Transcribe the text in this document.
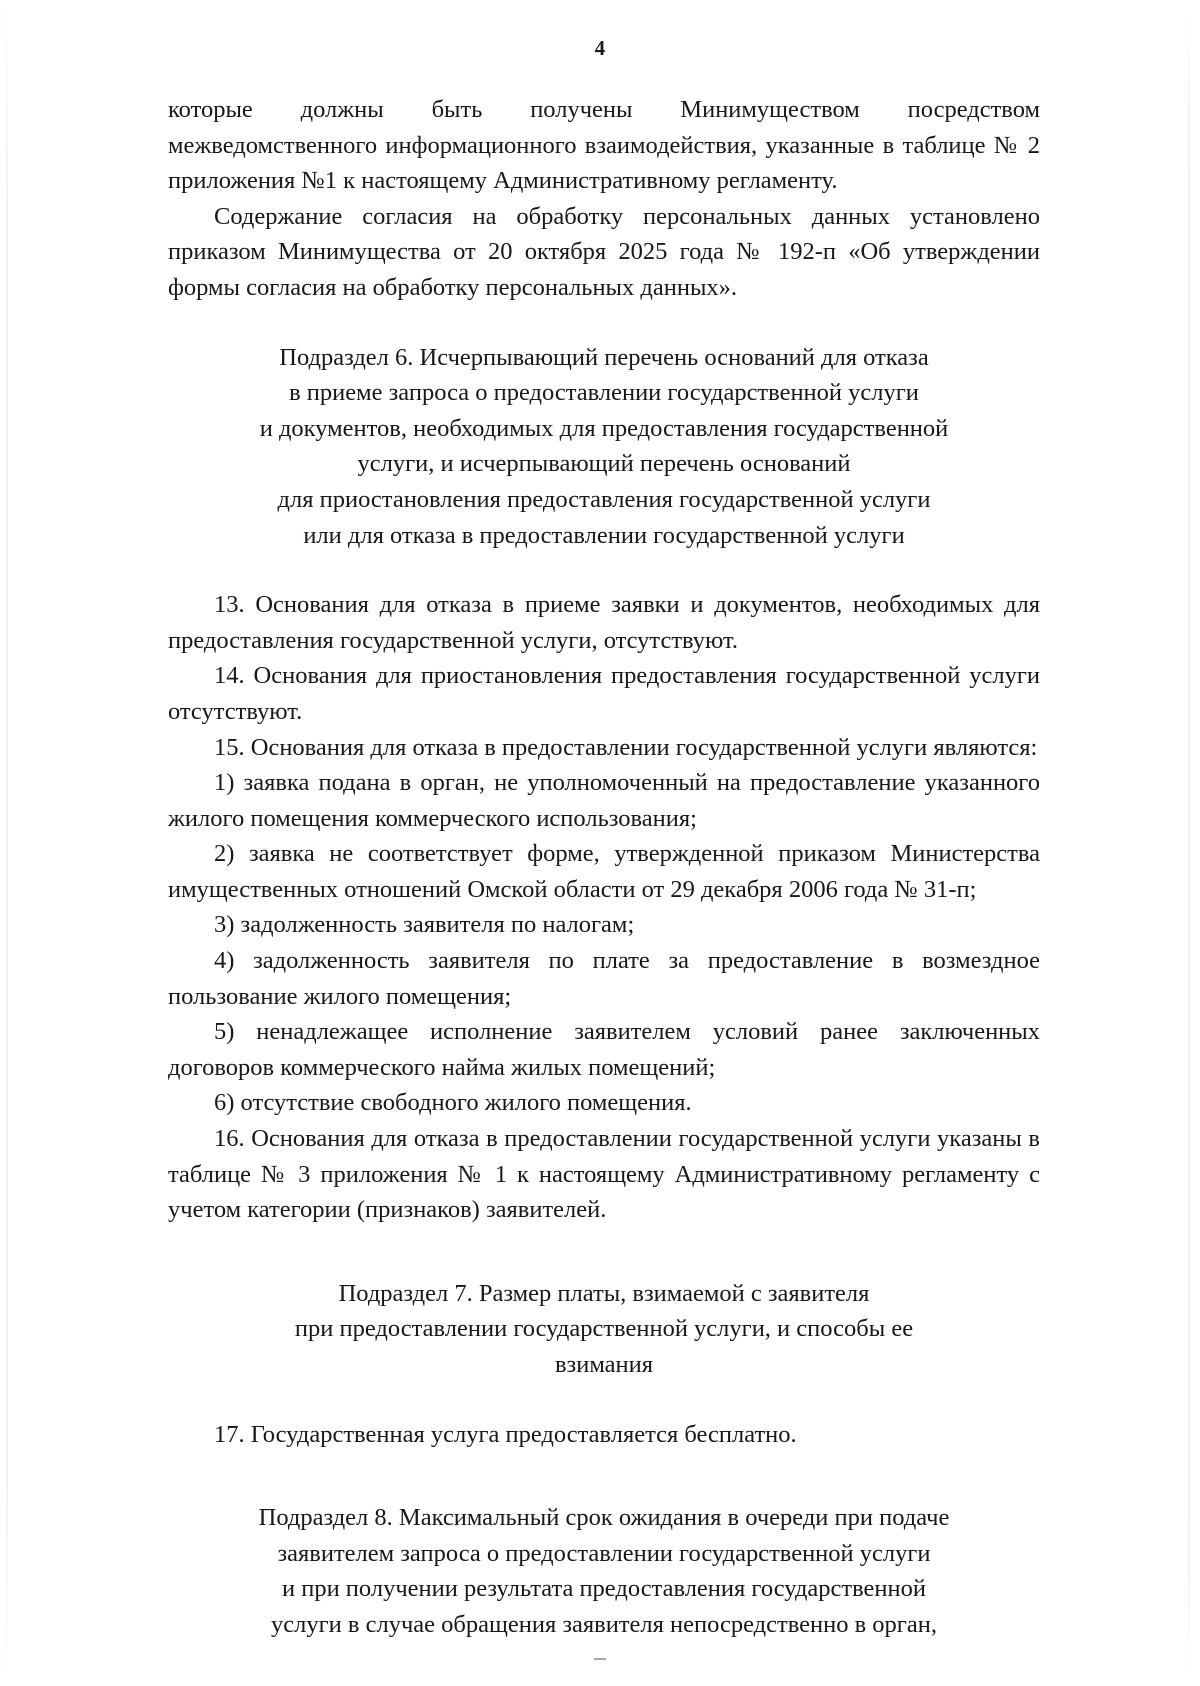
4

которые должны быть получены Минимуществом посредством межведомственного информационного взаимодействия, указанные в таблице № 2 приложения №1 к настоящему Административному регламенту.

Содержание согласия на обработку персональных данных установлено приказом Минимущества от 20 октября 2025 года № 192-п «Об утверждении формы согласия на обработку персональных данных».

Подраздел 6. Исчерпывающий перечень оснований для отказа
в приеме запроса о предоставлении государственной услуги
и документов, необходимых для предоставления государственной
услуги, и исчерпывающий перечень оснований
для приостановления предоставления государственной услуги
или для отказа в предоставлении государственной услуги

13. Основания для отказа в приеме заявки и документов, необходимых для предоставления государственной услуги, отсутствуют.

14. Основания для приостановления предоставления государственной услуги отсутствуют.

15. Основания для отказа в предоставлении государственной услуги являются:

1) заявка подана в орган, не уполномоченный на предоставление указанного жилого помещения коммерческого использования;

2) заявка не соответствует форме, утвержденной приказом Министерства имущественных отношений Омской области от 29 декабря 2006 года № 31-п;

3) задолженность заявителя по налогам;

4) задолженность заявителя по плате за предоставление в возмездное пользование жилого помещения;

5) ненадлежащее исполнение заявителем условий ранее заключенных договоров коммерческого найма жилых помещений;

6) отсутствие свободного жилого помещения.

16. Основания для отказа в предоставлении государственной услуги указаны в таблице № 3 приложения № 1 к настоящему Административному регламенту с учетом категории (признаков) заявителей.

Подраздел 7. Размер платы, взимаемой с заявителя
при предоставлении государственной услуги, и способы ее
взимания

17. Государственная услуга предоставляется бесплатно.

Подраздел 8. Максимальный срок ожидания в очереди при подаче
заявителем запроса о предоставлении государственной услуги
и при получении результата предоставления государственной
услуги в случае обращения заявителя непосредственно в орган,
